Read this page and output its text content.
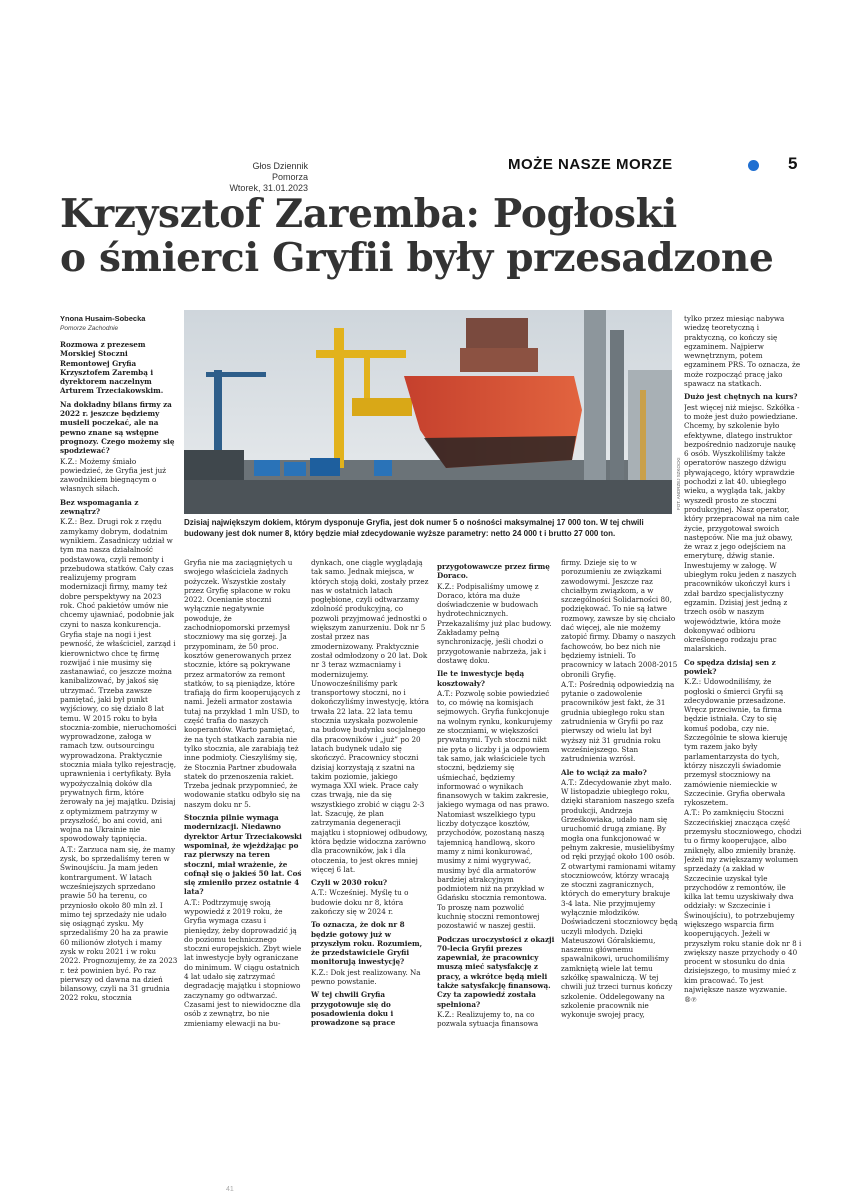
Głos Dziennik Pomorza
Wtorek, 31.01.2023
MOŻE NASZE MORZE	5
Krzysztof Zaremba: Pogłoski
o śmierci Gryfii były przesadzone
Ynona Husaim-Sobecka
Pomorze Zachodnie
FOT. ANDRZEJ SZKOCKI
Dzisiaj największym dokiem, którym dysponuje Gryfia, jest dok numer 5 o nośności maksymalnej 17 000 ton. W tej chwili budowany jest dok numer 8, który będzie miał zdecydowanie wyższe parametry: netto 24 000 t i brutto 27 000 ton.

Rozmowa z prezesem Morskiej Stoczni Remontowej Gryfia Krzysztofem Zarembą i dyrektorem naczelnym Arturem Trzeciakowskim.

Na dokładny bilans firmy za 2022 r. jeszcze będziemy musieli poczekać, ale na pewno znane są wstępne prognozy. Czego możemy się spodziewać?

K.Z.: Możemy śmiało powiedzieć, że Gryfia jest już zawodnikiem biegnącym o własnych siłach.

Bez wspomagania z zewnątrz?

K.Z.: Bez. Drugi rok z rzędu zamykamy dobrym, dodatnim wynikiem. Zasadniczy udział w tym ma nasza działalność podstawowa, czyli remonty i przebudowa statków. Cały czas realizujemy program modernizacji firmy, mamy też dobre perspektywy na 2023 rok. Choć pakietów umów nie chcemy ujawniać, podobnie jak czyni to nasza konkurencja.

Gryfia staje na nogi i jest pewność, że właściciel, zarząd i kierownictwo chce tę firmę rozwijać i nie musimy się zastanawiać, co jeszcze można kanibalizować, by jakoś się utrzymać. Trzeba zawsze pamiętać, jaki był punkt wyjściowy, co się działo 8 lat temu. W 2015 roku to była stocznia-zombie, nieruchomości wyprowadzone, załoga w ramach tzw. outsourcingu wyprowadzona. Praktycznie stocznia miała tylko rejestrację, uprawnienia i certyfikaty. Była wypożyczalnią doków dla prywatnych firm, które żerowały na jej majątku. Dzisiaj z optymizmem patrzymy w przyszłość, bo ani covid, ani wojna na Ukrainie nie spowodowały tąpnięcia.

A.T.: Zarzuca nam się, że mamy zysk, bo sprzedaliśmy teren w Świnoujściu. Ja mam jeden kontrargument. W latach wcześniejszych sprzedano prawie 50 ha terenu, co przyniosło około 80 mln zł. I mimo tej sprzedaży nie udało się osiągnąć zysku. My sprzedaliśmy 20 ha za prawie 60 milionów złotych i mamy zysk w roku 2021 i w roku 2022. Prognozujemy, że za 2023 r. też powinien być. Po raz pierwszy od dawna na dzień bilansowy, czyli na 31 grudnia 2022 roku, stocznia

Gryfia nie ma zaciągniętych u swojego właściciela żadnych pożyczek. Wszystkie zostały przez Gryfię spłacone w roku 2022. Ocenianie stoczni wyłącznie negatywnie powoduje, że zachodniopomorski przemysł stoczniowy ma się gorzej. Ja przypominam, że 50 proc. kosztów generowanych przez stocznie, które są pokrywane przez armatorów za remont statków, to są pieniądze, które trafiają do firm kooperujących z nami. Jeżeli armator zostawia tutaj na przykład 1 mln USD, to część trafia do naszych kooperantów. Warto pamiętać, że na tych statkach zarabia nie tylko stocznia, ale zarabiają też inne podmioty. Cieszyliśmy się, że Stocznia Partner zbudowała statek do przenoszenia rakiet. Trzeba jednak przypomnieć, że wodowanie statku odbyło się na naszym doku nr 5.

Stocznia pilnie wymaga modernizacji. Niedawno dyrektor Artur Trzeciakowski wspominał, że wjeżdżając po raz pierwszy na teren stoczni, miał wrażenie, że cofnął się o jakieś 50 lat. Coś się zmieniło przez ostatnie 4 lata?

A.T.: Podtrzymuję swoją wypowiedź z 2019 roku, że Gryfia wymaga czasu i pieniędzy, żeby doprowadzić ją do poziomu technicznego stoczni europejskich. Zbyt wiele lat inwestycje były ograniczane do minimum. W ciągu ostatnich 4 lat udało się zatrzymać degradację majątku i stopniowo zaczynamy go odtwarzać. Czasami jest to niewidoczne dla osób z zewnątrz, bo nie zmieniamy elewacji na bu-

dynkach, one ciągle wyglądają tak samo. Jednak miejsca, w których stoją doki, zostały przez nas w ostatnich latach pogłębione, czyli odtwarzamy zdolność produkcyjną, co pozwoli przyjmować jednostki o większym zanurzeniu. Dok nr 5 został przez nas zmodernizowany. Praktycznie został odmłodzony o 20 lat. Dok nr 3 teraz wzmacniamy i modernizujemy. Unowocześniliśmy park transportowy stoczni, no i dokończyliśmy inwestycję, która trwała 22 lata. 22 lata temu stocznia uzyskała pozwolenie na budowę budynku socjalnego dla pracowników i „już” po 20 latach budynek udało się skończyć. Pracownicy stoczni dzisiaj korzystają z szatni na takim poziomie, jakiego wymaga XXI wiek. Prace cały czas trwają, nie da się wszystkiego zrobić w ciągu 2-3 lat. Szacuję, że plan zatrzymania degeneracji majątku i stopniowej odbudowy, która będzie widoczna zarówno dla pracowników, jak i dla otoczenia, to jest okres mniej więcej 6 lat.

Czyli w 2030 roku?

A.T.: Wcześniej. Myślę tu o budowie doku nr 8, która zakończy się w 2024 r.

To oznacza, że dok nr 8 będzie gotowy już w przyszłym roku. Rozumiem, że przedstawiciele Gryfii monitorują inwestycję?

K.Z.: Dok jest realizowany. Na pewno powstanie.

W tej chwili Gryfia przygotowuje się do posadowienia doku i prowadzone są prace

przygotowawcze przez firmę Doraco.

K.Z.: Podpisaliśmy umowę z Doraco, która ma duże doświadczenie w budowach hydrotechnicznych. Przekazaliśmy już plac budowy. Zakładamy pełną synchronizację, jeśli chodzi o przygotowanie nabrzeża, jak i dostawę doku.

Ile te inwestycje będą kosztowały?

A.T.: Pozwolę sobie powiedzieć to, co mówię na komisjach sejmowych. Gryfia funkcjonuje na wolnym rynku, konkurujemy ze stoczniami, w większości prywatnymi. Tych stoczni nikt nie pyta o liczby i ja odpowiem tak samo, jak właściciele tych stoczni, będziemy się uśmiechać, będziemy informować o wynikach finansowych w takim zakresie, jakiego wymaga od nas prawo. Natomiast wszelkiego typu liczby dotyczące kosztów, przychodów, pozostaną naszą tajemnicą handlową, skoro mamy z nimi konkurować, musimy z nimi wygrywać, musimy być dla armatorów bardziej atrakcyjnym podmiotem niż na przykład w Gdańsku stocznia remontowa. To proszę nam pozwolić kuchnię stoczni remontowej pozostawić w naszej gestii.

Podczas uroczystości z okazji 70-lecia Gryfii prezes zapewniał, że pracownicy muszą mieć satysfakcję z pracy, a wkrótce będą mieli także satysfakcję finansową. Czy ta zapowiedź została spełniona?

K.Z.: Realizujemy to, na co pozwala sytuacja finansowa

firmy. Dzieje się to w porozumieniu ze związkami zawodowymi. Jeszcze raz chciałbym związkom, a w szczególności Solidarności 80, podziękować. To nie są łatwe rozmowy, zawsze by się chciało dać więcej, ale nie możemy zatopić firmy. Dbamy o naszych fachowców, bo bez nich nie będziemy istnieli. To pracownicy w latach 2008-2015 obronili Gryfię.

A.T.: Pośrednią odpowiedzią na pytanie o zadowolenie pracowników jest fakt, że 31 grudnia ubiegłego roku stan zatrudnienia w Gryfii po raz pierwszy od wielu lat był wyższy niż 31 grudnia roku wcześniejszego. Stan zatrudnienia wzrósł.

Ale to wciąż za mało?

A.T.: Zdecydowanie zbyt mało. W listopadzie ubiegłego roku, dzięki staraniom naszego szefa produkcji, Andrzeja Grześkowiaka, udało nam się uruchomić drugą zmianę. By mogła ona funkcjonować w pełnym zakresie, musielibyśmy od ręki przyjąć około 100 osób. Z otwartymi ramionami witamy stoczniowców, którzy wracają ze stoczni zagranicznych, których do emerytury brakuje 3-4 lata. Nie przyjmujemy wyłącznie młodzików. Doświadczeni stoczniowcy będą uczyli młodych. Dzięki Mateuszowi Góralskiemu, naszemu głównemu spawalnikowi, uruchomiliśmy zamkniętą wiele lat temu szkółkę spawalniczą. W tej chwili już trzeci turnus kończy szkolenie. Oddelegowany na szkolenie pracownik nie wykonuje swojej pracy,

tylko przez miesiąc nabywa wiedzę teoretyczną i praktyczną, co kończy się egzaminem. Najpierw wewnętrznym, potem egzaminem PRS. To oznacza, że może rozpocząć pracę jako spawacz na statkach.

Dużo jest chętnych na kurs?

Jest więcej niż miejsc. Szkółka - to może jest dużo powiedziane. Chcemy, by szkolenie było efektywne, dlatego instruktor bezpośrednio nadzoruje naukę 6 osób. Wyszkoliliśmy także operatorów naszego dźwigu pływającego, który wprawdzie pochodzi z lat 40. ubiegłego wieku, a wygląda tak, jakby wyszedł prosto ze stoczni produkcyjnej. Nasz operator, który przepracował na nim całe życie, przygotował swoich następców. Nie ma już obawy, że wraz z jego odejściem na emeryturę, dźwig stanie. Inwestujemy w załogę. W ubiegłym roku jeden z naszych pracowników ukończył kurs i zdał bardzo specjalistyczny egzamin. Dzisiaj jest jedną z trzech osób w naszym województwie, która może dokonywać odbioru określonego rodzaju prac malarskich.

Co spędza dzisiaj sen z powiek?

K.Z.: Udowodniliśmy, że pogłoski o śmierci Gryfii są zdecydowanie przesadzone. Wręcz przeciwnie, ta firma będzie istniała. Czy to się komuś podoba, czy nie. Szczególnie te słowa kieruję tym razem jako były parlamentarzysta do tych, którzy niszczyli świadomie przemysł stoczniowy na zamówienie niemieckie w Szczecinie. Gryfia oberwała rykoszetem.

A.T.: Po zamknięciu Stoczni Szczecińskiej znacząca część przemysłu stoczniowego, chodzi tu o firmy kooperujące, albo zniknęły, albo zmieniły branżę. Jeżeli my zwiększamy wolumen sprzedaży (a zakład w Szczecinie uzyskał tyle przychodów z remontów, ile kilka lat temu uzyskiwały dwa oddziały: w Szczecinie i Świnoujściu), to potrzebujemy większego wsparcia firm kooperujących. Jeżeli w przyszłym roku stanie dok nr 8 i zwiększy nasze przychody o 40 procent w stosunku do dnia dzisiejszego, to musimy mieć z kim pracować. To jest największe nasze wyzwanie.

®℗

41
